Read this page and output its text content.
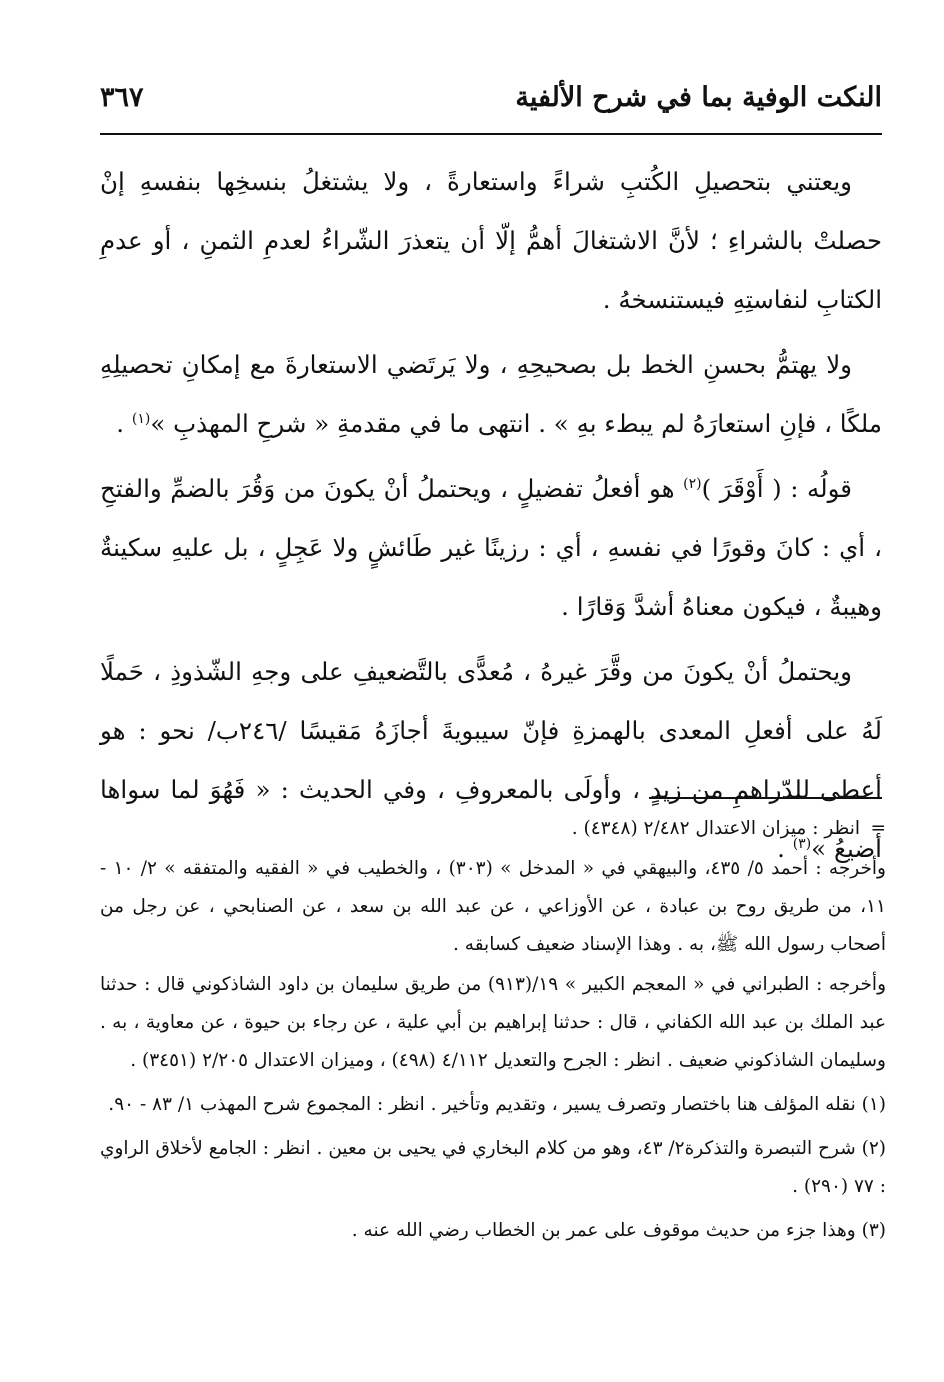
النكت الوفية بما في شرح الألفية
٣٦٧

ويعتني بتحصيلِ الكُتبِ شراءً واستعارةً ، ولا يشتغلُ بنسخِها بنفسهِ إنْ حصلتْ بالشراءِ ؛ لأنَّ الاشتغالَ أهمُّ إلّا أن يتعذرَ الشّراءُ لعدمِ الثمنِ ، أو عدمِ الكتابِ لنفاستِهِ فيستنسخهُ .

ولا يهتمُّ بحسنِ الخط بل بصحيحِهِ ، ولا يَرتَضي الاستعارةَ مع إمكانِ تحصيلِهِ ملكًا ، فإنِ استعارَهُ لم يبطء بهِ » . انتهى ما في مقدمةِ « شرحِ المهذبِ »$^{(١)}$ .

قولُه : ( أَوْقَرَ )$^{(٢)}$ هو أفعلُ تفضيلٍ ، ويحتملُ أنْ يكونَ من وَقُرَ بالضمِّ والفتحِ ، أي : كانَ وقورًا في نفسهِ ، أي : رزينًا غير طَائشٍ ولا عَجِلٍ ، بل عليهِ سكينةٌ وهيبةٌ ، فيكون معناهُ أشدَّ وَقارًا .

ويحتملُ أنْ يكونَ من وقَّرَ غيرهُ ، مُعدًّى بالتَّضعيفِ على وجهِ الشّذوذِ ، حَملًا لَهُ على أفعلِ المعدى بالهمزةِ فإنّ سيبويةَ أجازَهُ مَقيسًا /٢٤٦ب/ نحو : هو أعطى للدّراهمِ من زيدٍ ، وأولَى بالمعروفِ ، وفي الحديث : « فَهُوَ لما سواها أضيعُ »$^{(٣)}$ .

=انظر : ميزان الاعتدال ٢/٤٨٢ (٤٣٤٨) .

وأخرجه : أحمد ٥/ ٤٣٥، والبيهقي في « المدخل » (٣٠٣) ، والخطيب في « الفقيه والمتفقه » ٢/ ١٠ - ١١، من طريق روح بن عبادة ، عن الأوزاعي ، عن عبد الله بن سعد ، عن الصنابحي ، عن رجل من أصحاب رسول الله ﷺ، به . وهذا الإسناد ضعيف كسابقه .

وأخرجه : الطبراني في « المعجم الكبير » ١٩/(٩١٣) من طريق سليمان بن داود الشاذكوني قال : حدثنا عبد الملك بن عبد الله الكفاني ، قال : حدثنا إبراهيم بن أبي علية ، عن رجاء بن حيوة ، عن معاوية ، به . وسليمان الشاذكوني ضعيف . انظر : الجرح والتعديل ٤/١١٢ (٤٩٨) ، وميزان الاعتدال ٢/٢٠٥ (٣٤٥١) .

(١) نقله المؤلف هنا باختصار وتصرف يسير ، وتقديم وتأخير . انظر : المجموع شرح المهذب ١/ ٨٣ - ٩٠.

(٢) شرح التبصرة والتذكرة٢/ ٤٣، وهو من كلام البخاري في يحيى بن معين . انظر : الجامع لأخلاق الراوي : ٧٧ (٢٩٠) .

(٣) وهذا جزء من حديث موقوف على عمر بن الخطاب رضي الله عنه .
